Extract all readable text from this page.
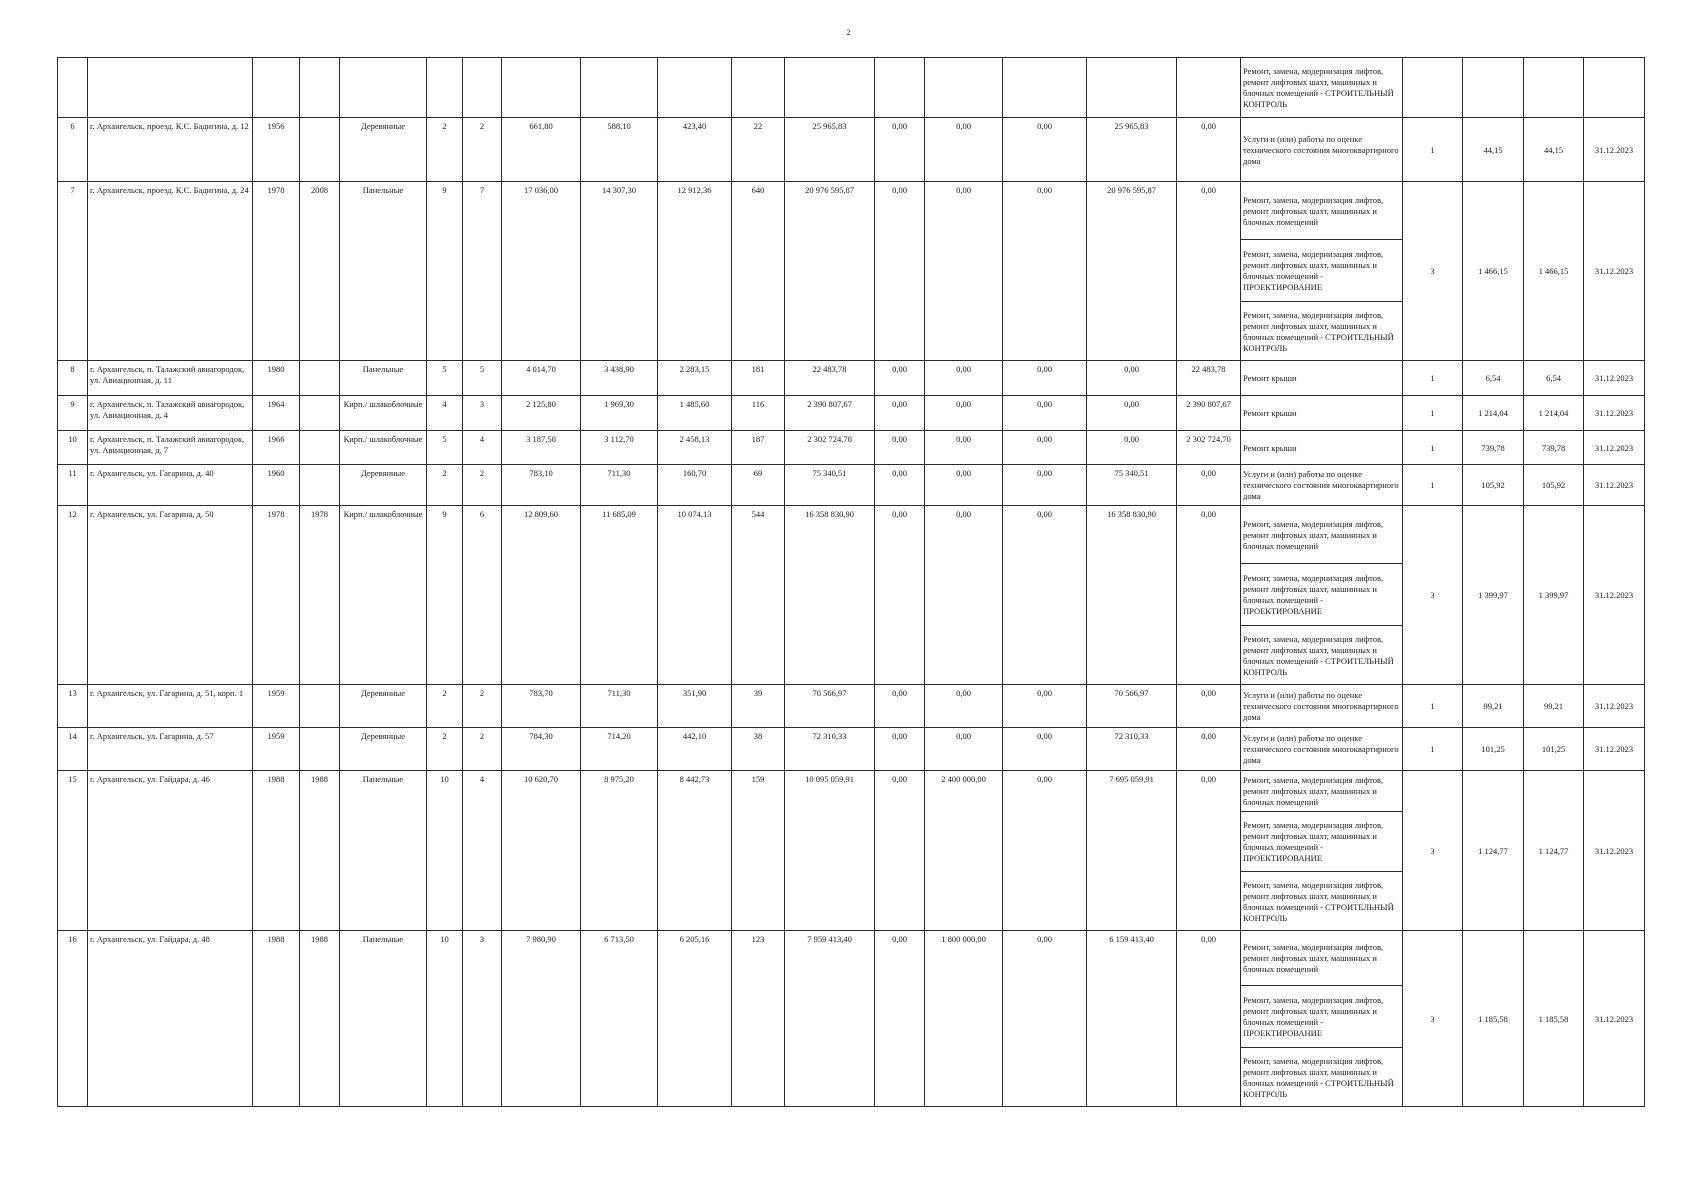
2
																	Ремонт, замена, модернизация лифтов, ремонт лифтовых шахт, машинных и блочных помещений - СТРОИТЕЛЬНЫЙ КОНТРОЛЬ				
6	г. Архангельск, проезд. К.С. Бадигина, д. 12	1956		Деревянные	2	2	661,80	588,10	423,40	22	25 965,83	0,00	0,00	0,00	25 965,83	0,00	Услуги и (или) работы по оценке технического состояния многоквартирного дома	1	44,15	44,15	31.12.2023
7	г. Архангельск, проезд. К.С. Бадигина, д. 24	1978	2008	Панельные	9	7	17 036,00	14 307,30	12 912,36	640	20 976 595,87	0,00	0,00	0,00	20 976 595,87	0,00	Ремонт, замена, модернизация лифтов, ремонт лифтовых шахт, машинных и блочных помещений	3	1 466,15	1 466,15	31.12.2023
																	Ремонт, замена, модернизация лифтов, ремонт лифтовых шахт, машинных и блочных помещений - ПРОЕКТИРОВАНИЕ				
																	Ремонт, замена, модернизация лифтов, ремонт лифтовых шахт, машинных и блочных помещений - СТРОИТЕЛЬНЫЙ КОНТРОЛЬ				
8	г. Архангельск, п. Талажский авиагородок, ул. Авиационная, д. 11	1980		Панельные	5	5	4 014,70	3 438,90	2 283,15	181	22 483,78	0,00	0,00	0,00	0,00	22 483,78	Ремонт крыши	1	6,54	6,54	31.12.2023
9	г. Архангельск, п. Талажский авиагородок, ул. Авиационная, д. 4	1964		Кирп./ шлакоблочные	4	3	2 125,80	1 969,30	1 485,60	116	2 390 807,67	0,00	0,00	0,00	0,00	2 390 807,67	Ремонт крыши	1	1 214,04	1 214,04	31.12.2023
10	г. Архангельск, п. Талажский авиагородок, ул. Авиационная, д. 7	1966		Кирп./ шлакоблочные	5	4	3 187,50	3 112,70	2 458,13	187	2 302 724,70	0,00	0,00	0,00	0,00	2 302 724,70	Ремонт крыши	1	739,78	739,78	31.12.2023
11	г. Архангельск, ул. Гагарина, д. 40	1960		Деревянные	2	2	783,10	711,30	160,70	69	75 340,51	0,00	0,00	0,00	75 340,51	0,00	Услуги и (или) работы по оценке технического состояния многоквартирного дома	1	105,92	105,92	31.12.2023
12	г. Архангельск, ул. Гагарина, д. 50	1978	1978	Кирп./ шлакоблочные	9	6	12 809,60	11 685,09	10 074,13	544	16 358 830,90	0,00	0,00	0,00	16 358 830,90	0,00	Ремонт, замена, модернизация лифтов, ремонт лифтовых шахт, машинных и блочных помещений	3	1 399,97	1 399,97	31.12.2023
																	Ремонт, замена, модернизация лифтов, ремонт лифтовых шахт, машинных и блочных помещений - ПРОЕКТИРОВАНИЕ				
																	Ремонт, замена, модернизация лифтов, ремонт лифтовых шахт, машинных и блочных помещений - СТРОИТЕЛЬНЫЙ КОНТРОЛЬ				
13	г. Архангельск, ул. Гагарина, д. 51, корп. 1	1959		Деревянные	2	2	783,70	711,30	351,90	39	70 566,97	0,00	0,00	0,00	70 566,97	0,00	Услуги и (или) работы по оценке технического состояния многоквартирного дома	1	99,21	99,21	31.12.2023
14	г. Архангельск, ул. Гагарина, д. 57	1959		Деревянные	2	2	784,30	714,20	442,10	38	72 310,33	0,00	0,00	0,00	72 310,33	0,00	Услуги и (или) работы по оценке технического состояния многоквартирного дома	1	101,25	101,25	31.12.2023
15	г. Архангельск, ул. Гайдара, д. 46	1988	1988	Панельные	10	4	10 620,70	8 975,20	8 442,73	159	10 095 059,91	0,00	2 400 000,00	0,00	7 695 059,91	0,00	Ремонт, замена, модернизация лифтов, ремонт лифтовых шахт, машинных и блочных помещений	3	1 124,77	1 124,77	31.12.2023
																	Ремонт, замена, модернизация лифтов, ремонт лифтовых шахт, машинных и блочных помещений - ПРОЕКТИРОВАНИЕ				
																	Ремонт, замена, модернизация лифтов, ремонт лифтовых шахт, машинных и блочных помещений - СТРОИТЕЛЬНЫЙ КОНТРОЛЬ				
16	г. Архангельск, ул. Гайдара, д. 48	1988	1988	Панельные	10	3	7 980,90	6 713,50	6 205,16	123	7 959 413,40	0,00	1 800 000,00	0,00	6 159 413,40	0,00	Ремонт, замена, модернизация лифтов, ремонт лифтовых шахт, машинных и блочных помещений	3	1 185,58	1 185,58	31.12.2023
																	Ремонт, замена, модернизация лифтов, ремонт лифтовых шахт, машинных и блочных помещений - ПРОЕКТИРОВАНИЕ				
																	Ремонт, замена, модернизация лифтов, ремонт лифтовых шахт, машинных и блочных помещений - СТРОИТЕЛЬНЫЙ КОНТРОЛЬ				
